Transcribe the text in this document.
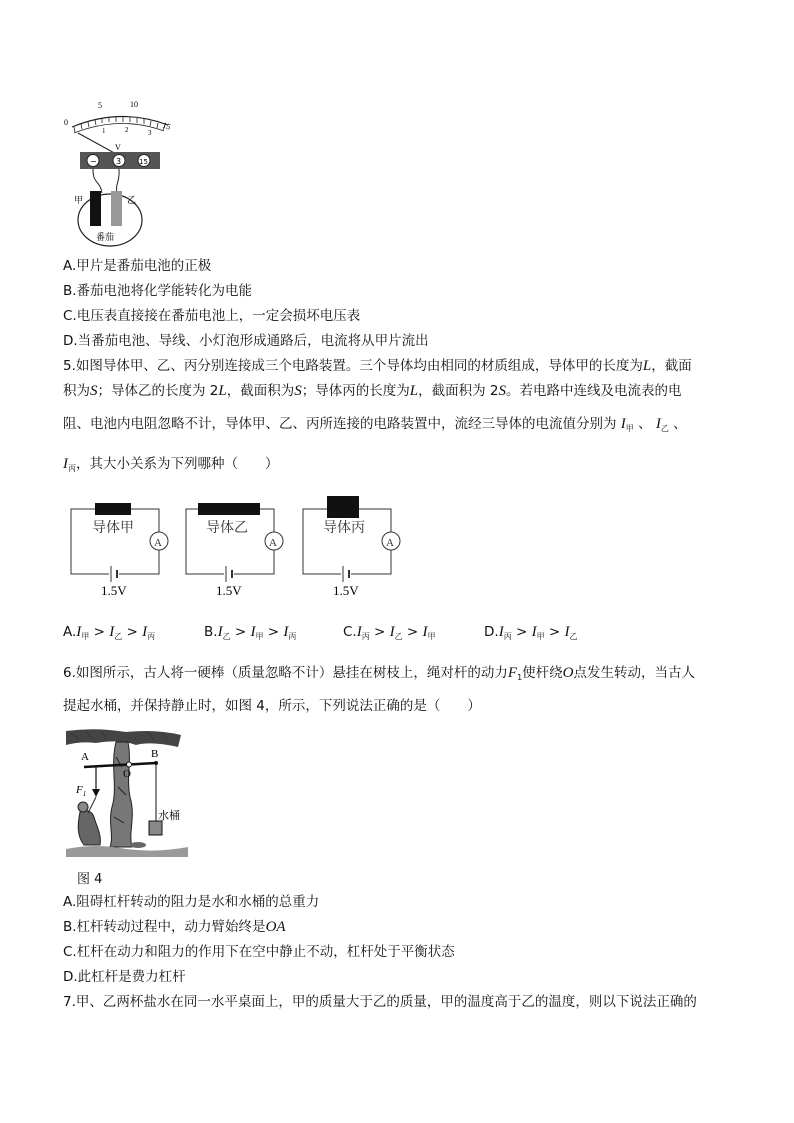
0
5	10
15
1	2	3
V
− 3	15
甲	乙
番茄
A.甲片是番茄电池的正极
B.番茄电池将化学能转化为电能
C.电压表直接接在番茄电池上，一定会损坏电压表
D.当番茄电池、导线、小灯泡形成通路后，电流将从甲片流出
5.如图导体甲、乙、丙分别连接成三个电路装置。三个导体均由相同的材质组成，导体甲的长度为L，截面
积为S；导体乙的长度为 2L，截面积为S；导体丙的长度为L，截面积为 2S。若电路中连线及电流表的电
阻、电池内电阻忽略不计，导体甲、乙、丙所连接的电路装置中，流经三导体的电流值分别为 $I_甲$ 、 $I_乙$ 、
$I_丙$，其大小关系为下列哪种（　　）
导体甲
A
1.5V
导体乙
A
1.5V
导体丙
A
1.5V
$A.I_甲 > I_乙 > I_丙$	$B.I_乙 > I_甲 > I_丙$	$C.I_丙 > I_乙 > I_甲$	$D.I_丙 > I_甲 > I_乙$
6.如图所示，古人将一硬棒（质量忽略不计）悬挂在树枝上，绳对杆的动力$F_1$使杆绕O点发生转动，当古人
提起水桶，并保持静止时，如图 4，所示，下列说法正确的是（　　）
A
O
B
$F_1$
水桶
图 4
A.阻碍杠杆转动的阻力是水和水桶的总重力
B.杠杆转动过程中，动力臂始终是OA
C.杠杆在动力和阻力的作用下在空中静止不动，杠杆处于平衡状态
D.此杠杆是费力杠杆
7.甲、乙两杯盐水在同一水平桌面上，甲的质量大于乙的质量，甲的温度高于乙的温度，则以下说法正确的
